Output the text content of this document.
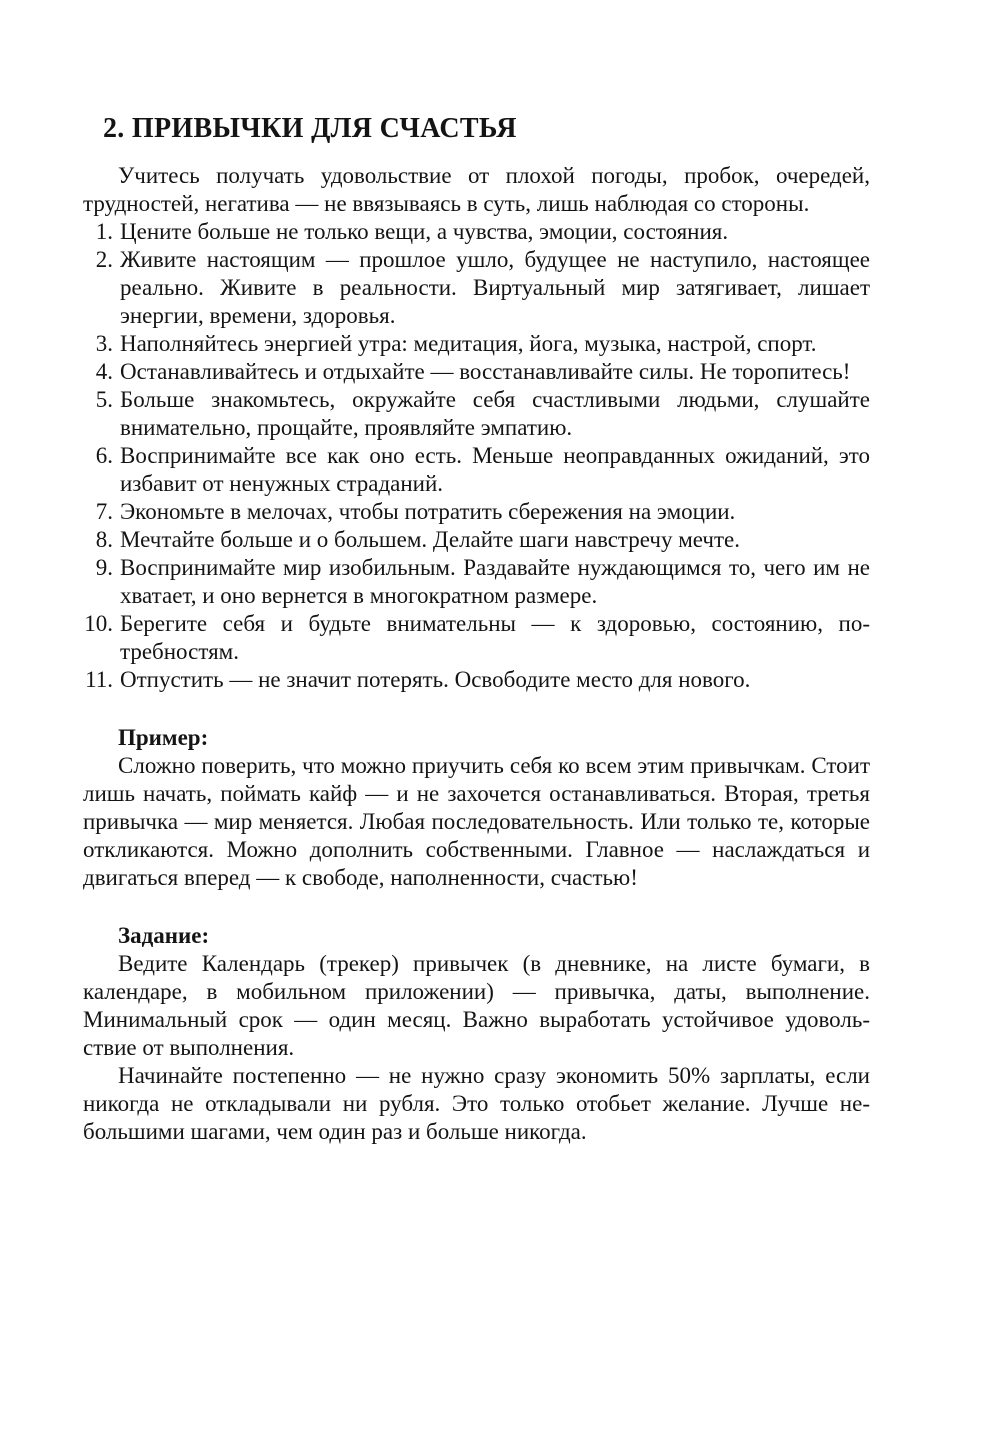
2. ПРИВЫЧКИ ДЛЯ СЧАСТЬЯ

Учитесь получать удовольствие от плохой погоды, пробок, очередей, трудностей, негатива — не ввязываясь в суть, лишь наблюдая со стороны.

1. Цените больше не только вещи, а чувства, эмоции, состояния.
2. Живите настоящим — прошлое ушло, будущее не наступило, настоящее реально. Живите в реальности. Виртуальный мир затягивает, лишает энергии, времени, здоровья.
3. Наполняйтесь энергией утра: медитация, йога, музыка, настрой, спорт.
4. Останавливайтесь и отдыхайте — восстанавливайте силы. Не торопитесь!
5. Больше знакомьтесь, окружайте себя счастливыми людьми, слушайте внимательно, прощайте, проявляйте эмпатию.
6. Воспринимайте все как оно есть. Меньше неоправданных ожиданий, это избавит от ненужных страданий.
7. Экономьте в мелочах, чтобы потратить сбережения на эмоции.
8. Мечтайте больше и о большем. Делайте шаги навстречу мечте.
9. Воспринимайте мир изобильным. Раздавайте нуждающимся то, чего им не хватает, и оно вернется в многократном размере.
10. Берегите себя и будьте внимательны — к здоровью, состоянию, потребностям.
11. Отпустить — не значит потерять. Освободите место для нового.

Пример:

Сложно поверить, что можно приучить себя ко всем этим привычкам. Стоит лишь начать, поймать кайф — и не захочется останавливаться. Вторая, третья привычка — мир меняется. Любая последовательность. Или только те, которые откликаются. Можно дополнить собственными. Главное — наслаждаться и двигаться вперед — к свободе, наполненности, счастью!

Задание:

Ведите Календарь (трекер) привычек (в дневнике, на листе бумаги, в календаре, в мобильном приложении) — привычка, даты, выполнение. Минимальный срок — один месяц. Важно выработать устойчивое удовольствие от выполнения.

Начинайте постепенно — не нужно сразу экономить 50% зарплаты, если никогда не откладывали ни рубля. Это только отобьет желание. Лучше небольшими шагами, чем один раз и больше никогда.
